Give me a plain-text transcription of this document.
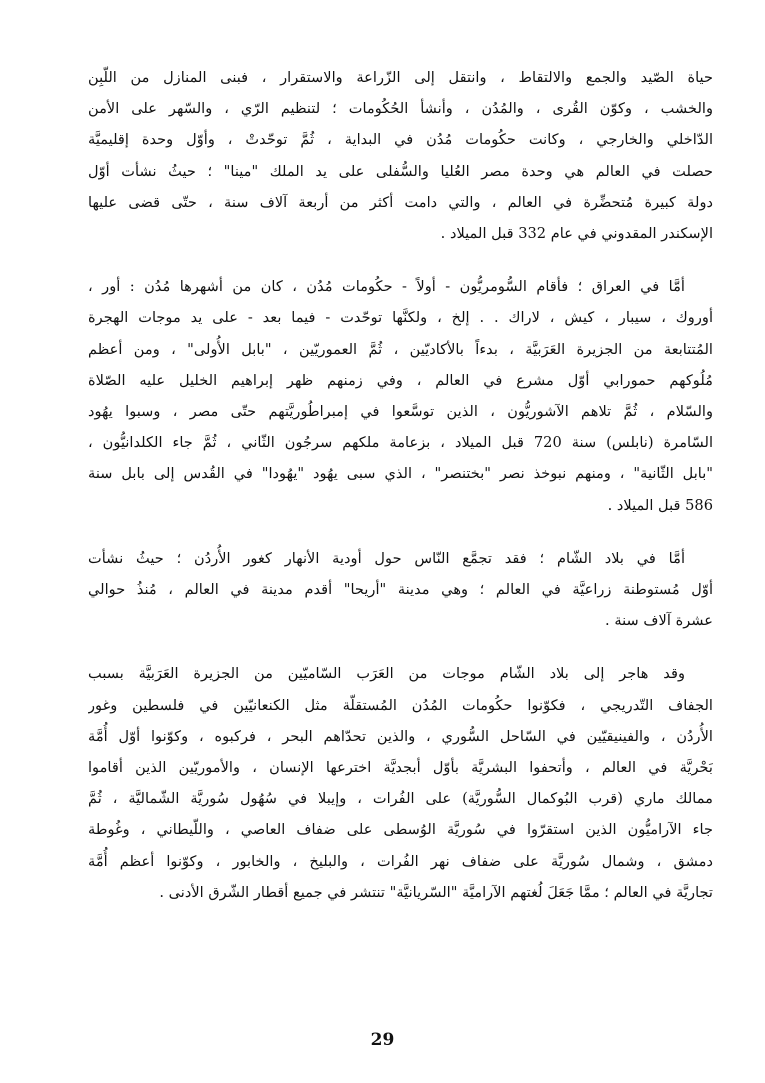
حياة الصّيد والجمع والالتقاط ، وانتقل إلى الزّراعة والاستقرار ، فبنى المنازل من اللّبِن
والخشب ، وكوّن القُرى ، والمُدُن ، وأنشأ الحُكُومات ؛ لتنظيم الرّي ، والسّهر على الأمن
الدّاخلي والخارجي ، وكانت حكُومات مُدُن في البداية ، ثُمَّ توحّدتْ ، وأوّل وحدة إقليميَّة
حصلت في العالم هي وحدة مصر العُليا والسُّفلى على يد الملك "مينا" ؛ حيثُ نشأت أوّل
دولة كبيرة مُتحضِّرة في العالم ، والتي دامت أكثر من أربعة آلاف سنة ، حتّى قضى عليها
الإسكندر المقدوني في عام 332 قبل الميلاد .

أمَّا في العراق ؛ فأقام السُّومريُّون - أولاً - حكُومات مُدُن ، كان من أشهرها مُدُن : أور ،
أوروك ، سيبار ، كيش ، لاراك . . إلخ ، ولكنَّها توحّدت - فيما بعد - على يد موجات الهجرة
المُتتابعة من الجزيرة العَرَبيَّة ، بدءاً بالأكاديّين ، ثُمَّ العموريّين ، "بابل الأُولى" ، ومن أعظم
مُلُوكهم حمورابي أوّل مشرع في العالم ، وفي زمنهم ظهر إبراهيم الخليل عليه الصّلاة
والسّلام ، ثُمَّ تلاهم الآشوريُّون ، الذين توسَّعوا في إمبراطُوريَّتهم حتّى مصر ، وسبوا يهُود
السّامرة (نابلس) سنة 720 قبل الميلاد ، بزعامة ملكهم سرجُون الثّاني ، ثُمَّ جاء الكلدانيُّون ،
"بابل الثّانية" ، ومنهم نبوخذ نصر "بختنصر" ، الذي سبى يهُود "يهُودا" في القُدس إلى بابل سنة
586 قبل الميلاد .

أمَّا في بلاد الشّام ؛ فقد تجمَّع النّاس حول أودية الأنهار كغور الأُردُن ؛ حيثُ نشأت
أوّل مُستوطنة زراعيَّة في العالم ؛ وهي مدينة "أريحا" أقدم مدينة في العالم ، مُنذُ حوالي
عشرة آلاف سنة .

وقد هاجر إلى بلاد الشّام موجات من العَرَب السّاميّين من الجزيرة العَرَبيَّة بسبب
الجفاف التّدريجي ، فكوّنوا حكُومات المُدُن المُستقلّة مثل الكنعانيّين في فلسطين وغور
الأُردُن ، والفينيقيّين في السّاحل السُّوري ، والذين تحدّاهم البحر ، فركبوه ، وكوّنوا أوّل أُمَّة
بَحْريَّة في العالم ، وأتحفوا البشريَّة بأوّل أبجديَّة اخترعها الإنسان ، والأموريّين الذين أقاموا
ممالك ماري (قرب البُوكمال السُّوريَّة) على الفُرات ، وإيبلا في سُهُول سُوريَّة الشّماليَّة ، ثُمَّ
جاء الآراميُّون الذين استقرّوا في سُوريَّة الوُسطى على ضفاف العاصي ، واللّيطاني ، وغُوطة
دمشق ، وشمال سُوريَّة على ضفاف نهر الفُرات ، والبليخ ، والخابور ، وكوّنوا أعظم أُمَّة
تجاريَّة في العالم ؛ ممَّا جَعَلَ لُغتهم الآراميَّة "السّريانيَّة" تنتشر في جميع أقطار الشّرق الأدنى .

29
